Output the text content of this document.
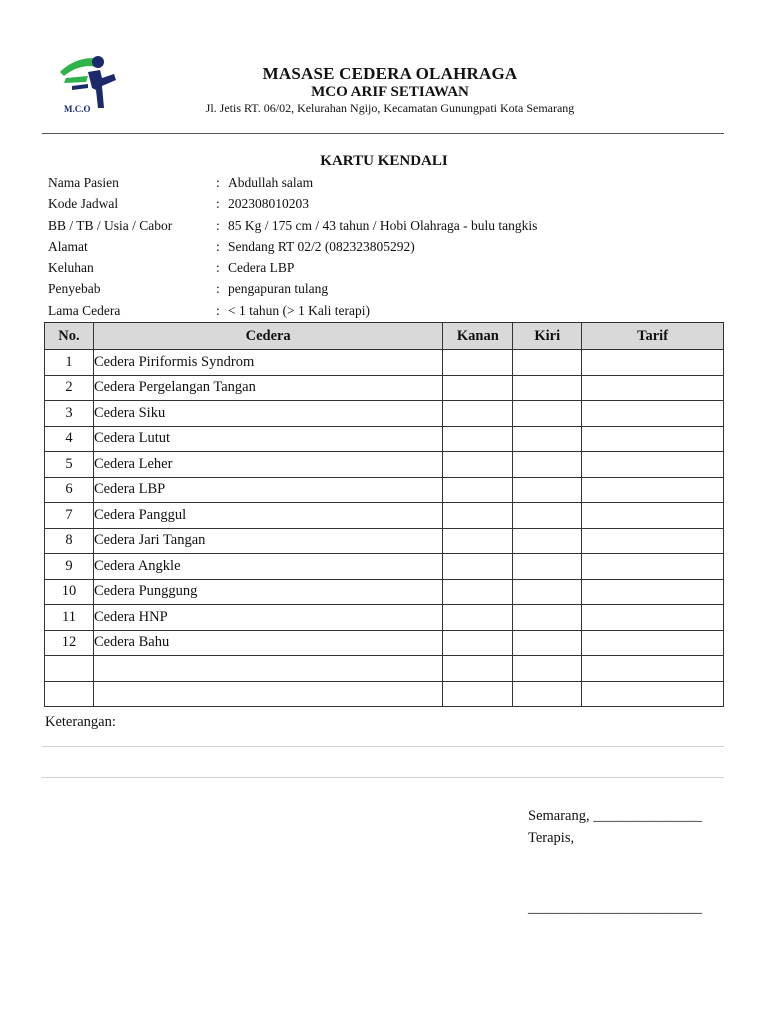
M.C.O
MASASE CEDERA OLAHRAGA
MCO ARIF SETIAWAN
Jl. Jetis RT. 06/02, Kelurahan Ngijo, Kecamatan Gunungpati Kota Semarang
KARTU KENDALI
Nama Pasien	: Abdullah salam
Kode Jadwal	: 202308010203
BB / TB / Usia / Cabor	: 85 Kg / 175 cm / 43 tahun / Hobi Olahraga - bulu tangkis
Alamat	: Sendang RT 02/2 (082323805292)
Keluhan	: Cedera LBP
Penyebab	: pengapuran tulang
Lama Cedera	: < 1 tahun (> 1 Kali terapi)
No.	Cedera	Kanan	Kiri	Tarif
1	Cedera Piriformis Syndrom			
2	Cedera Pergelangan Tangan			
3	Cedera Siku			
4	Cedera Lutut			
5	Cedera Leher			
6	Cedera LBP			
7	Cedera Panggul			
8	Cedera Jari Tangan			
9	Cedera Angkle			
10	Cedera Punggung			
11	Cedera HNP			
12	Cedera Bahu			

Keterangan:
Semarang, _______________
Terapis,
________________________
